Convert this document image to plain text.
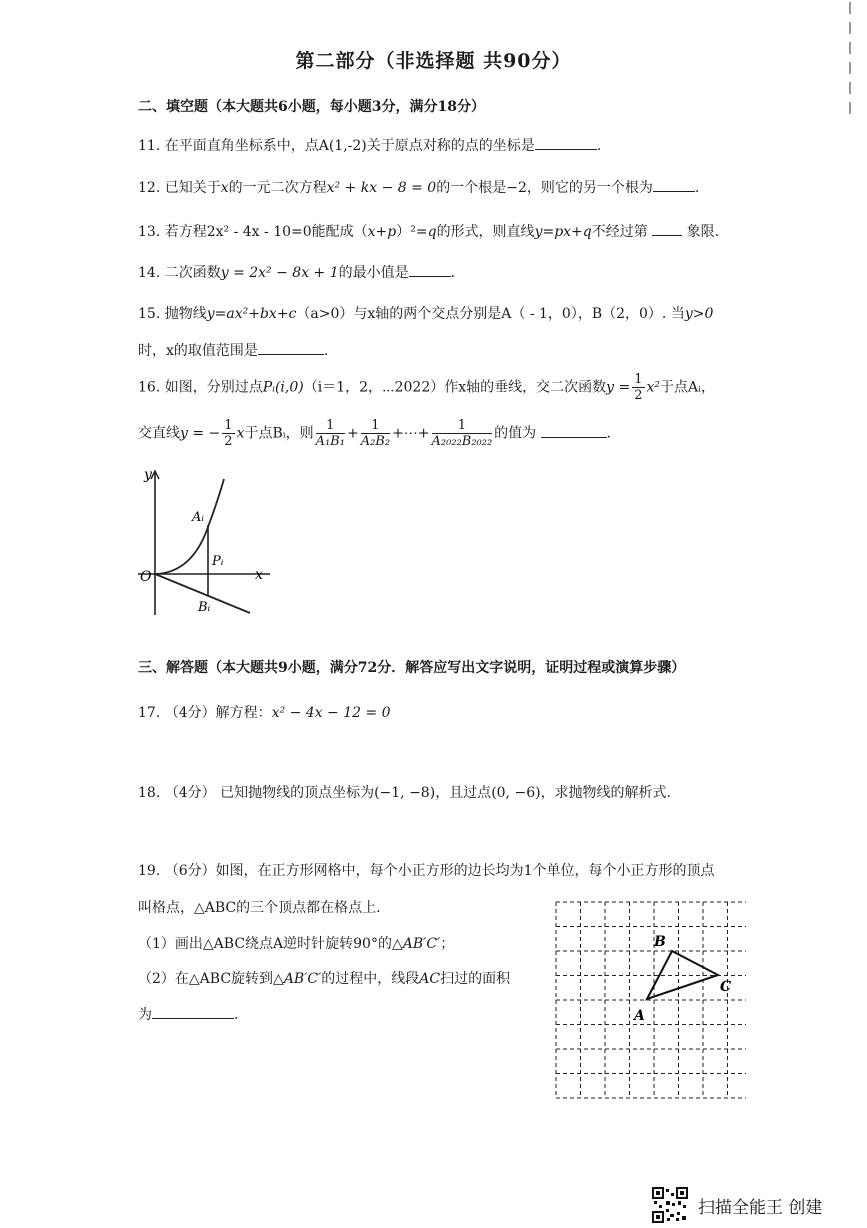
第二部分（非选择题 共90分）
二、填空题（本大题共6小题，每小题3分，满分18分）
11. 在平面直角坐标系中，点A(1,-2)关于原点对称的点的坐标是	.
12. 已知关于x的一元二次方程x² + kx − 8 = 0的一个根是−2，则它的另一个根为	.
13. 若方程2x² - 4x - 10=0能配成（x+p）²=q的形式，则直线y=px+q不经过第	象限.
14. 二次函数y = 2x² − 8x + 1的最小值是	.
15. 抛物线y=ax²+bx+c（a>0）与x轴的两个交点分别是A（ - 1，0），B（2，0）. 当y>0
时，x的取值范围是	.
16. 如图，分别过点Pᵢ(i,0)（i＝1，2，⋯2022）作x轴的垂线，交二次函数$y = \frac{1}{2} x^2$于点Aᵢ，
交直线y = − $\frac{1}{2}$ x于点Bᵢ，则 $\frac{1}{\text{A₁B₁}} + \frac{1}{\text{A₂B₂}}$ +⋯+ $\frac{1}{\text{A₂₀₂₂B₂₀₂₂}}$ 的值为	.
y
x
O
Aᵢ
Pᵢ
Bᵢ
三、解答题（本大题共9小题，满分72分．解答应写出文字说明，证明过程或演算步骤）
17. （4分）解方程：x² − 4x − 12 = 0
18. （4分） 已知抛物线的顶点坐标为(−1, −8)，且过点(0, −6)，求抛物线的解析式.
19. （6分）如图，在正方形网格中，每个小正方形的边长均为1个单位，每个小正方形的顶点
叫格点，△ABC的三个顶点都在格点上.
（1）画出△ABC绕点A逆时针旋转90°的△AB′C′；
（2）在△ABC旋转到△AB′C′的过程中，线段AC扫过的面积
为	.	A
B
C
扫描全能王 创建
